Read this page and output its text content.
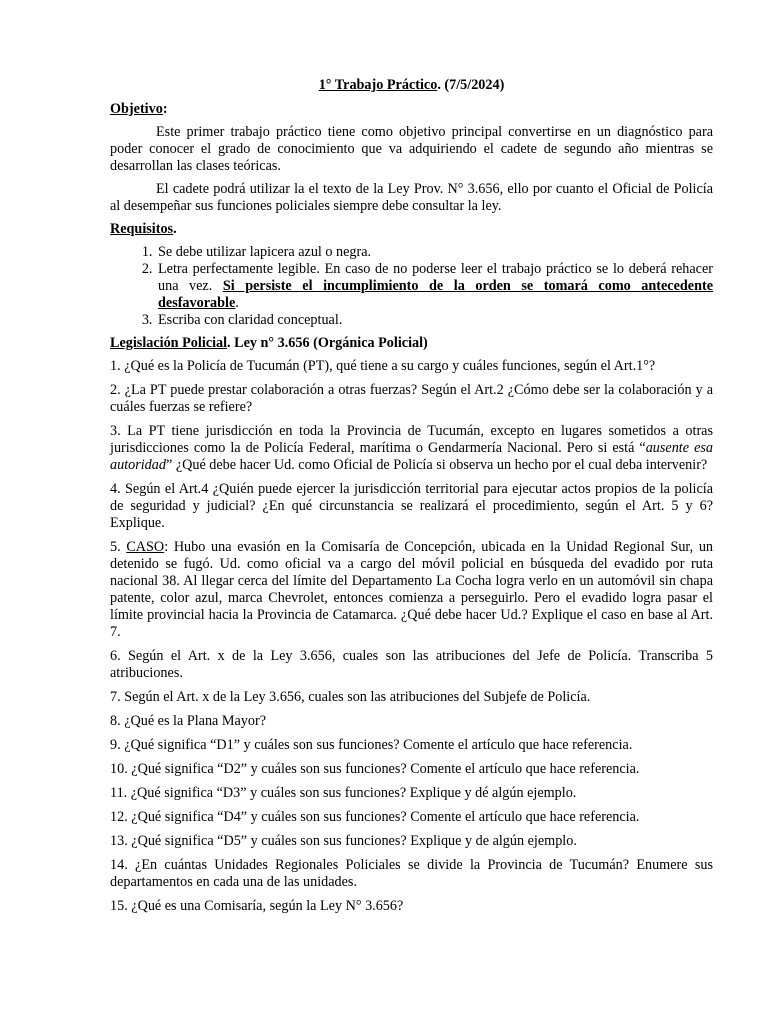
1° Trabajo Práctico. (7/5/2024)
Objetivo:

Este primer trabajo práctico tiene como objetivo principal convertirse en un diagnóstico para poder conocer el grado de conocimiento que va adquiriendo el cadete de segundo año mientras se desarrollan las clases teóricas.

El cadete podrá utilizar la el texto de la Ley Prov. N° 3.656, ello por cuanto el Oficial de Policía al desempeñar sus funciones policiales siempre debe consultar la ley.

Requisitos.
1. Se debe utilizar lapicera azul o negra.
2. Letra perfectamente legible. En caso de no poderse leer el trabajo práctico se lo deberá rehacer una vez. Si persiste el incumplimiento de la orden se tomará como antecedente desfavorable.
3. Escriba con claridad conceptual.
Legislación Policial. Ley n° 3.656 (Orgánica Policial)

1. ¿Qué es la Policía de Tucumán (PT), qué tiene a su cargo y cuáles funciones, según el Art.1°?

2. ¿La PT puede prestar colaboración a otras fuerzas? Según el Art.2 ¿Cómo debe ser la colaboración y a cuáles fuerzas se refiere?

3. La PT tiene jurisdicción en toda la Provincia de Tucumán, excepto en lugares sometidos a otras jurisdicciones como la de Policía Federal, marítima o Gendarmería Nacional. Pero si está “ausente esa autoridad” ¿Qué debe hacer Ud. como Oficial de Policía si observa un hecho por el cual deba intervenir?

4. Según el Art.4 ¿Quién puede ejercer la jurisdicción territorial para ejecutar actos propios de la policía de seguridad y judicial? ¿En qué circunstancia se realizará el procedimiento, según el Art. 5 y 6? Explique.

5. CASO: Hubo una evasión en la Comisaría de Concepción, ubicada en la Unidad Regional Sur, un detenido se fugó. Ud. como oficial va a cargo del móvil policial en búsqueda del evadido por ruta nacional 38. Al llegar cerca del límite del Departamento La Cocha logra verlo en un automóvil sin chapa patente, color azul, marca Chevrolet, entonces comienza a perseguirlo. Pero el evadido logra pasar el límite provincial hacia la Provincia de Catamarca. ¿Qué debe hacer Ud.? Explique el caso en base al Art. 7.

6. Según el Art. x de la Ley 3.656, cuales son las atribuciones del Jefe de Policía. Transcriba 5 atribuciones.

7. Según el Art. x de la Ley 3.656, cuales son las atribuciones del Subjefe de Policía.

8. ¿Qué es la Plana Mayor?

9. ¿Qué significa “D1” y cuáles son sus funciones? Comente el artículo que hace referencia.

10. ¿Qué significa “D2” y cuáles son sus funciones? Comente el artículo que hace referencia.

11. ¿Qué significa “D3” y cuáles son sus funciones? Explique y dé algún ejemplo.

12. ¿Qué significa “D4” y cuáles son sus funciones? Comente el artículo que hace referencia.

13. ¿Qué significa “D5” y cuáles son sus funciones? Explique y de algún ejemplo.

14. ¿En cuántas Unidades Regionales Policiales se divide la Provincia de Tucumán? Enumere sus departamentos en cada una de las unidades.

15. ¿Qué es una Comisaría, según la Ley N° 3.656?
